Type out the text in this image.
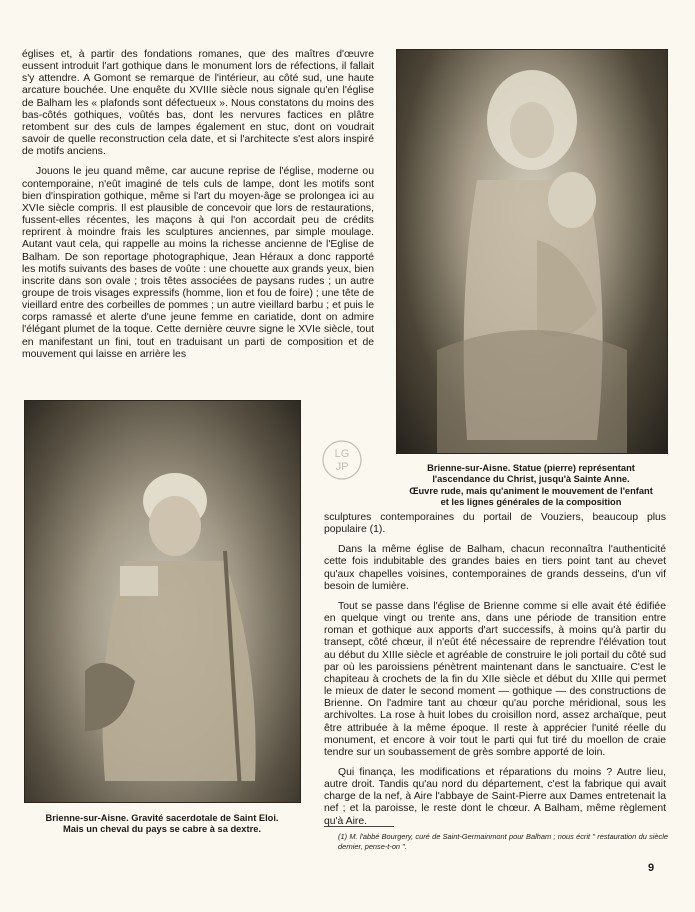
églises et, à partir des fondations romanes, que des maîtres d'œuvre eussent introduit l'art gothique dans le monument lors de réfections, il fallait s'y attendre. A Gomont se remarque de l'intérieur, au côté sud, une haute arcature bouchée. Une enquête du XVIIIe siècle nous signale qu'en l'église de Balham les « plafonds sont défectueux ». Nous constatons du moins des bas-côtés gothiques, voûtés bas, dont les nervures factices en plâtre retombent sur des culs de lampes également en stuc, dont on voudrait savoir de quelle reconstruction cela date, et si l'architecte s'est alors inspiré de motifs anciens.

Jouons le jeu quand même, car aucune reprise de l'église, moderne ou contemporaine, n'eût imaginé de tels culs de lampe, dont les motifs sont bien d'inspiration gothique, même si l'art du moyen-âge se prolongea ici au XVIe siècle compris. Il est plausible de concevoir que lors de restaurations, fussent-elles récentes, les maçons à qui l'on accordait peu de crédits reprirent à moindre frais les sculptures anciennes, par simple moulage. Autant vaut cela, qui rappelle au moins la richesse ancienne de l'Eglise de Balham. De son reportage photographique, Jean Héraux a donc rapporté les motifs suivants des bases de voûte : une chouette aux grands yeux, bien inscrite dans son ovale ; trois têtes associées de paysans rudes ; un autre groupe de trois visages expressifs (homme, lion et fou de foire) ; une tête de vieillard entre des corbeilles de pommes ; un autre vieillard barbu ; et puis le corps ramassé et alerte d'une jeune femme en cariatide, dont on admire l'élégant plumet de la toque. Cette dernière œuvre signe le XVIe siècle, tout en manifestant un fini, tout en traduisant un parti de composition et de mouvement qui laisse en arrière les

LG
JP	Brienne-sur-Aisne. Statue (pierre) représentant
l'ascendance du Christ, jusqu'à Sainte Anne.
Œuvre rude, mais qu'animent le mouvement de l'enfant
et les lignes générales de la composition
Brienne-sur-Aisne. Gravité sacerdotale de Saint Eloi.
Mais un cheval du pays se cabre à sa dextre.

sculptures contemporaines du portail de Vouziers, beaucoup plus populaire (1).

Dans la même église de Balham, chacun reconnaîtra l'authenticité cette fois indubitable des grandes baies en tiers point tant au chevet qu'aux chapelles voisines, contemporaines de grands desseins, d'un vif besoin de lumière.

Tout se passe dans l'église de Brienne comme si elle avait été édifiée en quelque vingt ou trente ans, dans une période de transition entre roman et gothique aux apports d'art successifs, à moins qu'à partir du transept, côté chœur, il n'eût été nécessaire de reprendre l'élévation tout au début du XIIIe siècle et agréable de construire le joli portail du côté sud par où les paroissiens pénètrent maintenant dans le sanctuaire. C'est le chapiteau à crochets de la fin du XIIe siècle et début du XIIIe qui permet le mieux de dater le second moment — gothique — des constructions de Brienne. On l'admire tant au chœur qu'au porche méridional, sous les archivoltes. La rose à huit lobes du croisillon nord, assez archaïque, peut être attribuée à la même époque. Il reste à apprécier l'unité réelle du monument, et encore à voir tout le parti qui fut tiré du moellon de craie tendre sur un soubassement de grès sombre apporté de loin.

Qui finança, les modifications et réparations du moins ? Autre lieu, autre droit. Tandis qu'au nord du département, c'est la fabrique qui avait charge de la nef, à Aire l'abbaye de Saint-Pierre aux Dames entretenait la nef ; et la paroisse, le reste dont le chœur. A Balham, même règlement qu'à Aire.

(1) M. l'abbé Bourgery, curé de Saint-Germainmont pour Balham ; nous écrit " restauration du siècle dernier, pense-t-on ".
9
